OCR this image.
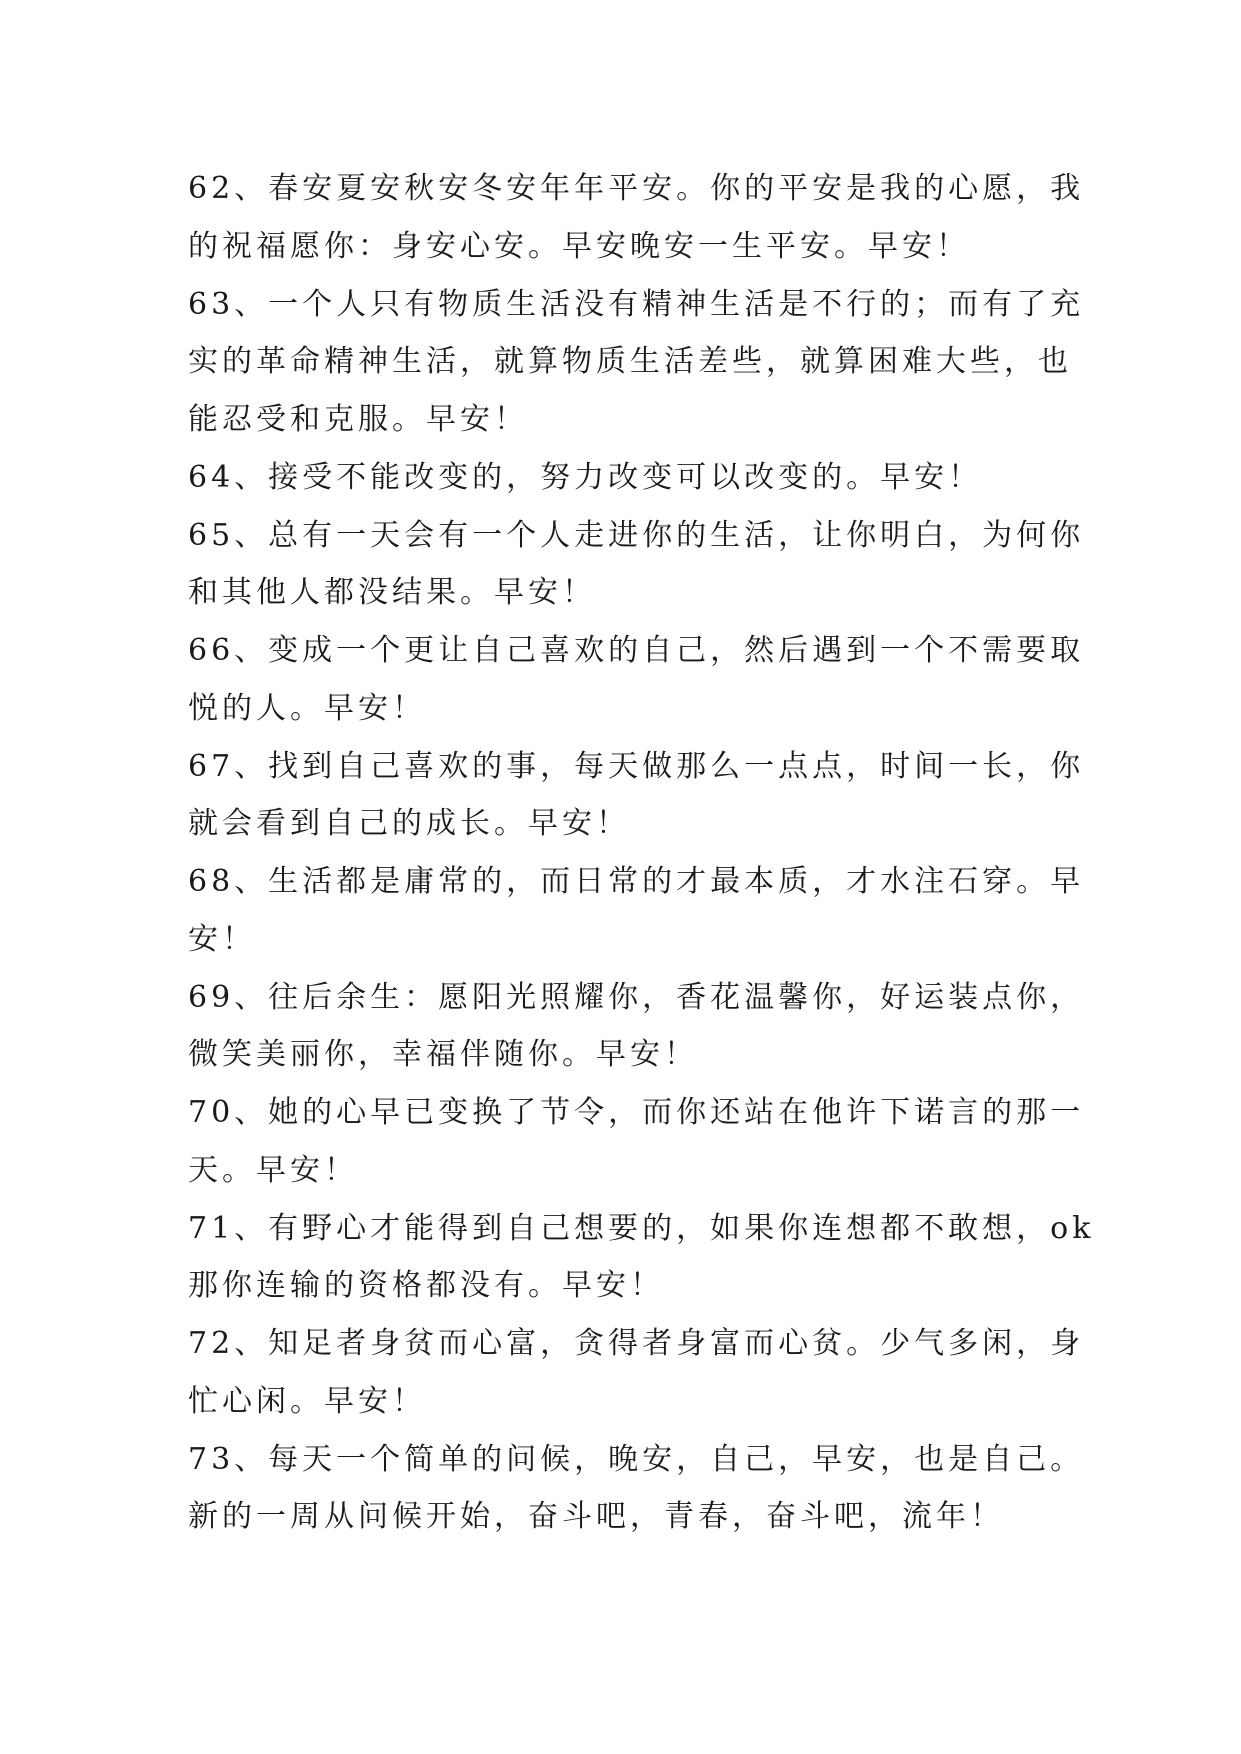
62、春安夏安秋安冬安年年平安。你的平安是我的心愿，我
的祝福愿你：身安心安。早安晚安一生平安。早安！
63、一个人只有物质生活没有精神生活是不行的；而有了充
实的革命精神生活，就算物质生活差些，就算困难大些，也
能忍受和克服。早安！
64、接受不能改变的，努力改变可以改变的。早安！
65、总有一天会有一个人走进你的生活，让你明白，为何你
和其他人都没结果。早安！
66、变成一个更让自己喜欢的自己，然后遇到一个不需要取
悦的人。早安！
67、找到自己喜欢的事，每天做那么一点点，时间一长，你
就会看到自己的成长。早安！
68、生活都是庸常的，而日常的才最本质，才水注石穿。早
安！
69、往后余生：愿阳光照耀你，香花温馨你，好运装点你，
微笑美丽你，幸福伴随你。早安！
70、她的心早已变换了节令，而你还站在他许下诺言的那一
天。早安！
71、有野心才能得到自己想要的，如果你连想都不敢想，ok
那你连输的资格都没有。早安！
72、知足者身贫而心富，贪得者身富而心贫。少气多闲，身
忙心闲。早安！
73、每天一个简单的问候，晚安，自己，早安，也是自己。
新的一周从问候开始，奋斗吧，青春，奋斗吧，流年！
